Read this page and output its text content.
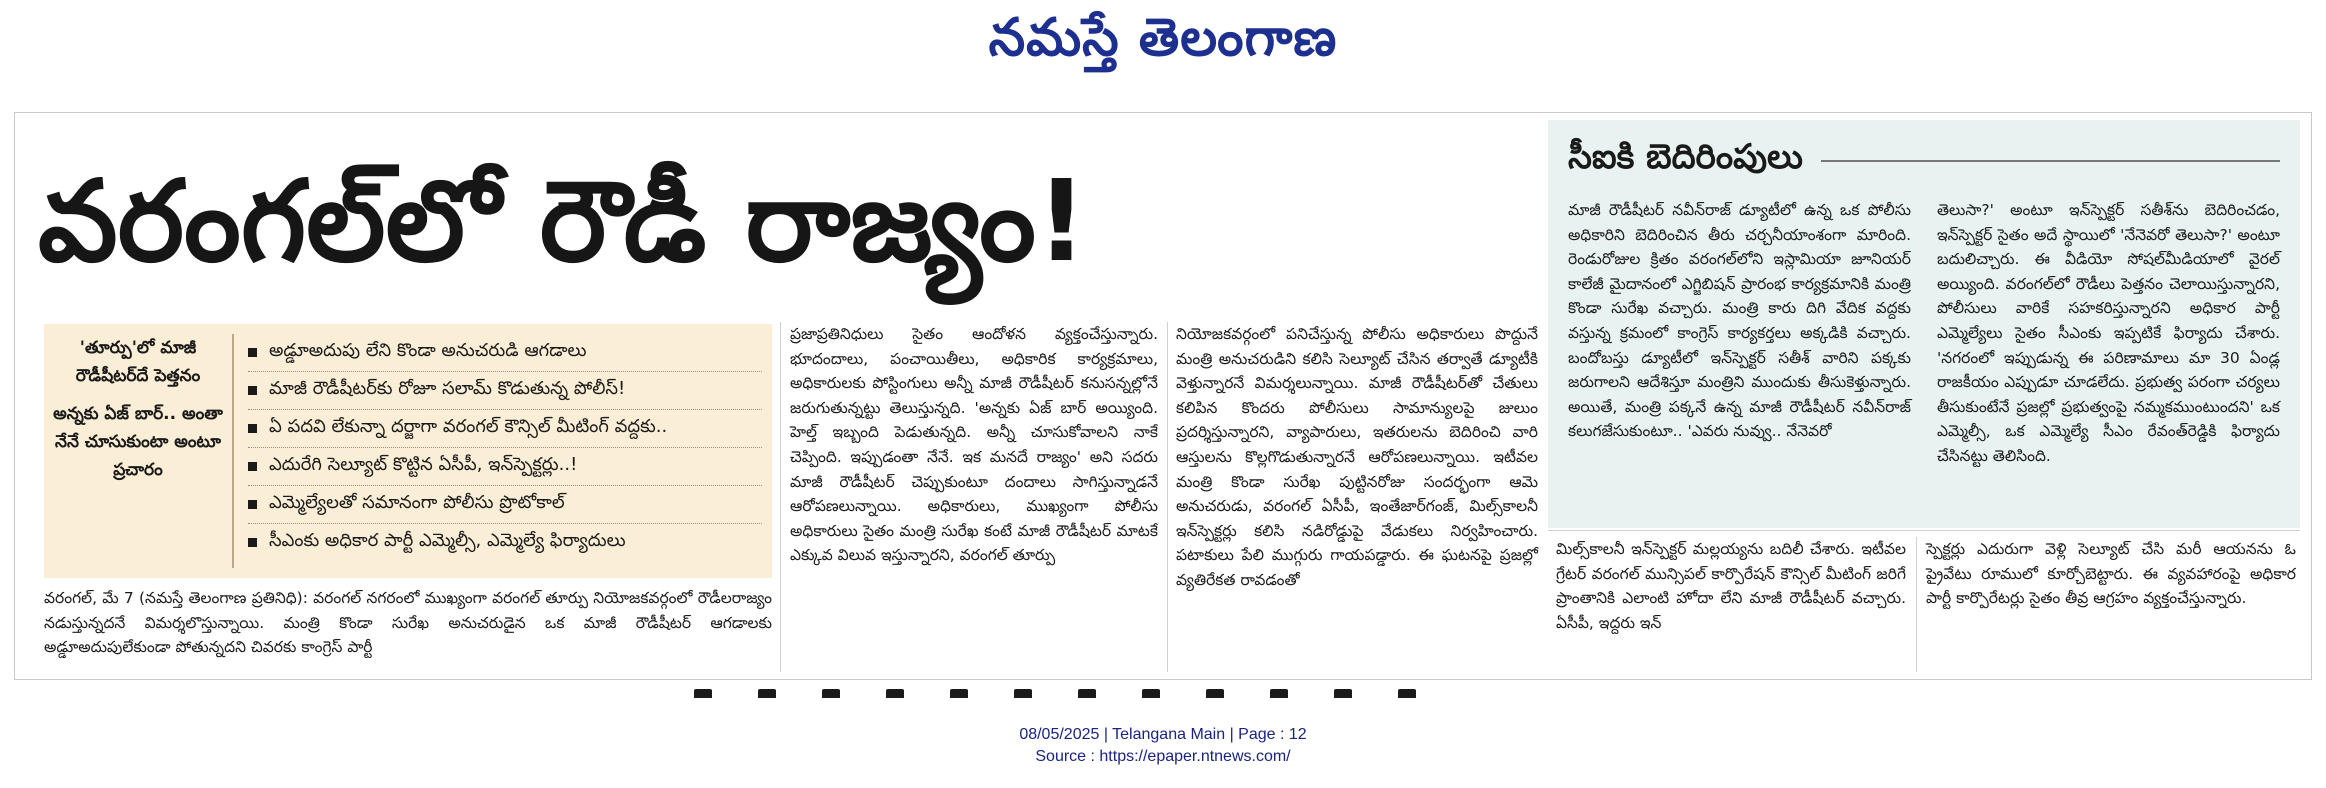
నమస్తే తెలంగాణ
వరంగల్‌లో రౌడీ రాజ్యం!	సీఐకి బెదిరింపులు

మాజీ రౌడీషీటర్ నవీన్‌రాజ్ డ్యూటీలో ఉన్న ఒక పోలీసు అధికారిని బెదిరించిన తీరు చర్చనీయాంశంగా మారింది. రెండురోజుల క్రితం వరంగల్‌లోని ఇస్లామియా జూనియర్ కాలేజీ మైదానంలో ఎగ్జిబిషన్ ప్రారంభ కార్యక్రమానికి మంత్రి కొండా సురేఖ వచ్చారు. మంత్రి కారు దిగి వేదిక వద్దకు వస్తున్న క్రమంలో కాంగ్రెస్ కార్యకర్తలు అక్కడికి వచ్చారు. బందోబస్తు డ్యూటీలో ఇన్‌స్పెక్టర్ సతీశ్ వారిని పక్కకు జరుగాలని ఆదేశిస్తూ మంత్రిని ముందుకు తీసుకెళ్తున్నారు. అయితే, మంత్రి పక్కనే ఉన్న మాజీ రౌడీషీటర్ నవీన్‌రాజ్ కలుగజేసుకుంటూ.. 'ఎవరు నువ్వు.. నేనెవరో

తెలుసా?' అంటూ ఇన్‌స్పెక్టర్ సతీశ్‌ను బెదిరించడం, ఇన్‌స్పెక్టర్ సైతం అదే స్థాయిలో 'నేనెవరో తెలుసా?' అంటూ బదులిచ్చారు. ఈ వీడియో సోషల్‌మీడియాలో వైరల్ అయ్యింది. వరంగల్‌లో రౌడీలు పెత్తనం చెలాయిస్తున్నారని, పోలీసులు వారికే సహకరిస్తున్నారని అధికార పార్టీ ఎమ్మెల్యేలు సైతం సీఎంకు ఇప్పటికే ఫిర్యాదు చేశారు. 'నగరంలో ఇప్పుడున్న ఈ పరిణామాలు మా 30 ఏండ్ల రాజకీయం ఎప్పుడూ చూడలేదు. ప్రభుత్వ పరంగా చర్యలు తీసుకుంటేనే ప్రజల్లో ప్రభుత్వంపై నమ్మకముంటుందని' ఒక ఎమ్మెల్సీ, ఒక ఎమ్మెల్యే సీఎం రేవంత్‌రెడ్డికి ఫిర్యాదు చేసినట్టు తెలిసింది.

'తూర్పు'లో మాజీ రౌడీషీటర్‌దే పెత్తనం
అన్నకు ఏజ్ బార్.. అంతా నేనే చూసుకుంటా అంటూ ప్రచారం
అడ్డూఅదుపు లేని కొండా అనుచరుడి ఆగడాలు
మాజీ రౌడీషీటర్‌కు రోజూ సలామ్ కొడుతున్న పోలీస్!
ఏ పదవి లేకున్నా దర్జాగా వరంగల్ కౌన్సిల్ మీటింగ్ వద్దకు..
ఎదురేగి సెల్యూట్ కొట్టిన ఏసీపీ, ఇన్‌స్పెక్టర్లు..!
ఎమ్మెల్యేలతో సమానంగా పోలీసు ప్రొటోకాల్
సీఎంకు అధికార పార్టీ ఎమ్మెల్సీ, ఎమ్మెల్యే ఫిర్యాదులు

వరంగల్, మే 7 (నమస్తే తెలంగాణ ప్రతినిధి): వరంగల్ నగరంలో ముఖ్యంగా వరంగల్ తూర్పు నియోజకవర్గంలో రౌడీలరాజ్యం నడుస్తున్నదనే విమర్శలొస్తున్నాయి. మంత్రి కొండా సురేఖ అనుచరుడైన ఒక మాజీ రౌడీషీటర్ ఆగడాలకు అడ్డూఅదుపులేకుండా పోతున్నదని చివరకు కాంగ్రెస్ పార్టీ

ప్రజాప్రతినిధులు సైతం ఆందోళన వ్యక్తంచేస్తున్నారు. భూదందాలు, పంచాయితీలు, అధికారిక కార్యక్రమాలు, అధికారులకు పోస్టింగులు అన్నీ మాజీ రౌడీషీటర్ కనుసన్నల్లోనే జరుగుతున్నట్టు తెలుస్తున్నది. 'అన్నకు ఏజ్ బార్ అయ్యింది. హెల్త్ ఇబ్బంది పెడుతున్నది. అన్నీ చూసుకోవాలని నాకే చెప్పింది. ఇప్పుడంతా నేనే. ఇక మనదే రాజ్యం' అని సదరు మాజీ రౌడీషీటర్ చెప్పుకుంటూ దందాలు సాగిస్తున్నాడనే ఆరోపణలున్నాయి. అధికారులు, ముఖ్యంగా పోలీసు అధికారులు సైతం మంత్రి సురేఖ కంటే మాజీ రౌడీషీటర్ మాటకే ఎక్కువ విలువ ఇస్తున్నారని, వరంగల్ తూర్పు

నియోజకవర్గంలో పనిచేస్తున్న పోలీసు అధికారులు పొద్దునే మంత్రి అనుచరుడిని కలిసి సెల్యూట్ చేసిన తర్వాతే డ్యూటీకి వెళ్తున్నారనే విమర్శలున్నాయి. మాజీ రౌడీషీటర్‌తో చేతులు కలిపిన కొందరు పోలీసులు సామాన్యులపై జులుం ప్రదర్శిస్తున్నారని, వ్యాపారులు, ఇతరులను బెదిరించి వారి ఆస్తులను కొల్లగొడుతున్నారనే ఆరోపణలున్నాయి. ఇటీవల మంత్రి కొండా సురేఖ పుట్టినరోజు సందర్భంగా ఆమె అనుచరుడు, వరంగల్ ఏసీపీ, ఇంతేజార్‌గంజ్, మిల్స్‌కాలనీ ఇన్‌స్పెక్టర్లు కలిసి నడిరోడ్డుపై వేడుకలు నిర్వహించారు. పటాకులు పేలి ముగ్గురు గాయపడ్డారు. ఈ ఘటనపై ప్రజల్లో వ్యతిరేకత రావడంతో

మిల్స్‌కాలనీ ఇన్‌స్పెక్టర్ మల్లయ్యను బదిలీ చేశారు. ఇటీవల గ్రేటర్ వరంగల్ మున్సిపల్ కార్పొరేషన్ కౌన్సిల్ మీటింగ్ జరిగే ప్రాంతానికి ఎలాంటి హోదా లేని మాజీ రౌడీషీటర్ వచ్చారు. ఏసీపీ, ఇద్దరు ఇన్

స్పెక్టర్లు ఎదురుగా వెళ్లి సెల్యూట్ చేసి మరీ ఆయనను ఓ ప్రైవేటు రూములో కూర్చోబెట్టారు. ఈ వ్యవహారంపై అధికార పార్టీ కార్పొరేటర్లు సైతం తీవ్ర ఆగ్రహం వ్యక్తంచేస్తున్నారు.

08/05/2025 | Telangana Main | Page : 12
Source : https://epaper.ntnews.com/
